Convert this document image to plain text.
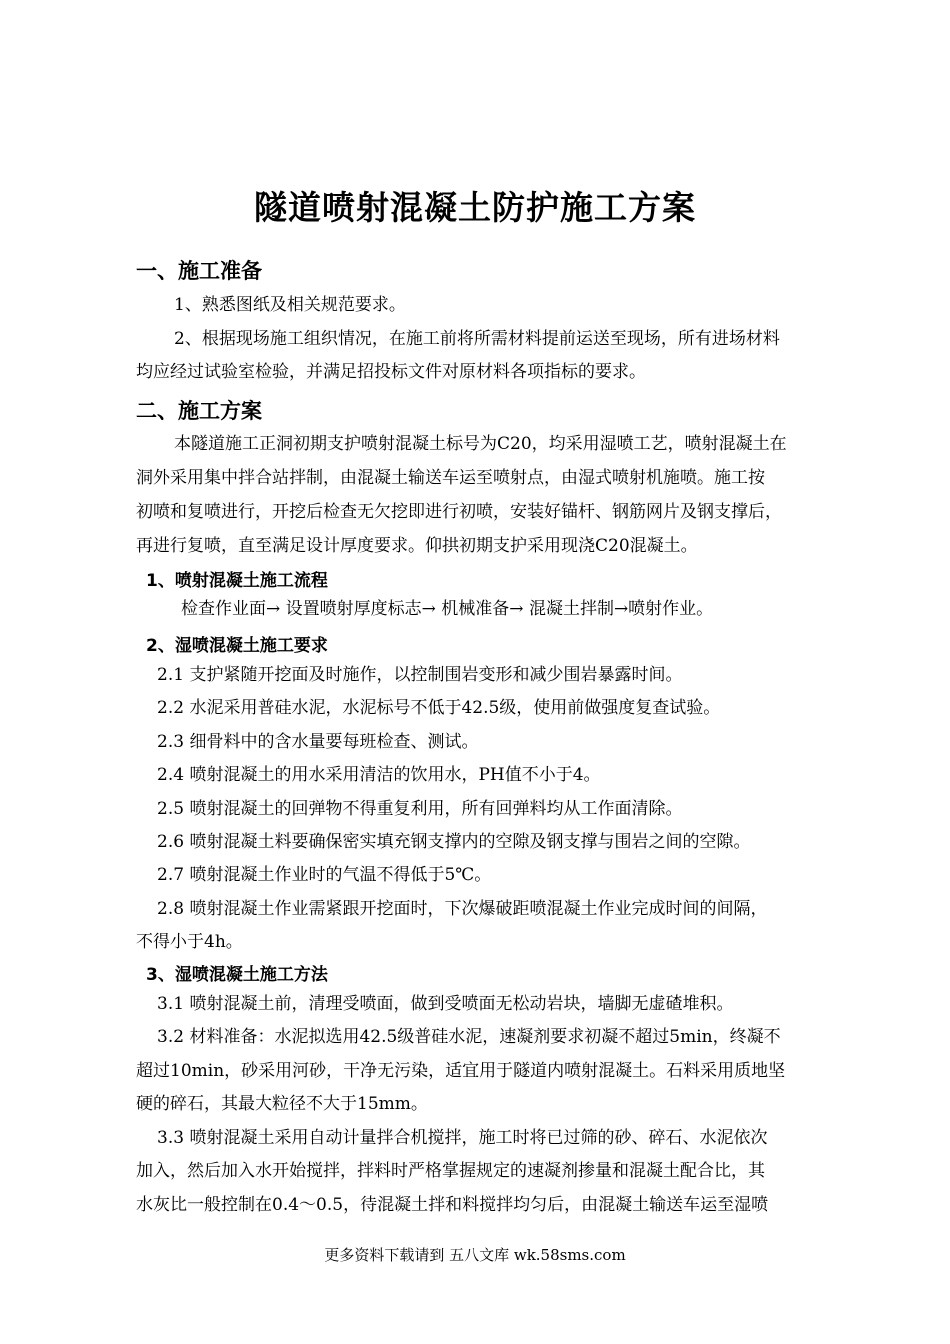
隧道喷射混凝土防护施工方案
一、施工准备
1、熟悉图纸及相关规范要求。
2、根据现场施工组织情况，在施工前将所需材料提前运送至现场，所有进场材料
均应经过试验室检验，并满足招投标文件对原材料各项指标的要求。
二、施工方案
本隧道施工正洞初期支护喷射混凝土标号为C20，均采用湿喷工艺，喷射混凝土在
洞外采用集中拌合站拌制，由混凝土输送车运至喷射点，由湿式喷射机施喷。施工按
初喷和复喷进行，开挖后检查无欠挖即进行初喷，安装好锚杆、钢筋网片及钢支撑后，
再进行复喷，直至满足设计厚度要求。仰拱初期支护采用现浇C20混凝土。
1、喷射混凝土施工流程
检查作业面→ 设置喷射厚度标志→ 机械准备→ 混凝土拌制→喷射作业。
2、湿喷混凝土施工要求
2.1 支护紧随开挖面及时施作，以控制围岩变形和减少围岩暴露时间。
2.2 水泥采用普硅水泥，水泥标号不低于42.5级，使用前做强度复查试验。
2.3 细骨料中的含水量要每班检查、测试。
2.4 喷射混凝土的用水采用清洁的饮用水，PH值不小于4。
2.5 喷射混凝土的回弹物不得重复利用，所有回弹料均从工作面清除。
2.6 喷射混凝土料要确保密实填充钢支撑内的空隙及钢支撑与围岩之间的空隙。
2.7 喷射混凝土作业时的气温不得低于5℃。
2.8 喷射混凝土作业需紧跟开挖面时，下次爆破距喷混凝土作业完成时间的间隔，
不得小于4h。
3、湿喷混凝土施工方法
3.1 喷射混凝土前，清理受喷面，做到受喷面无松动岩块，墙脚无虚碴堆积。
3.2 材料准备：水泥拟选用42.5级普硅水泥，速凝剂要求初凝不超过5min，终凝不
超过10min，砂采用河砂，干净无污染，适宜用于隧道内喷射混凝土。石料采用质地坚
硬的碎石，其最大粒径不大于15mm。
3.3 喷射混凝土采用自动计量拌合机搅拌，施工时将已过筛的砂、碎石、水泥依次
加入，然后加入水开始搅拌，拌料时严格掌握规定的速凝剂掺量和混凝土配合比，其
水灰比一般控制在0.4～0.5，待混凝土拌和料搅拌均匀后，由混凝土输送车运至湿喷
更多资料下载请到 五八文库 wk.58sms.com
